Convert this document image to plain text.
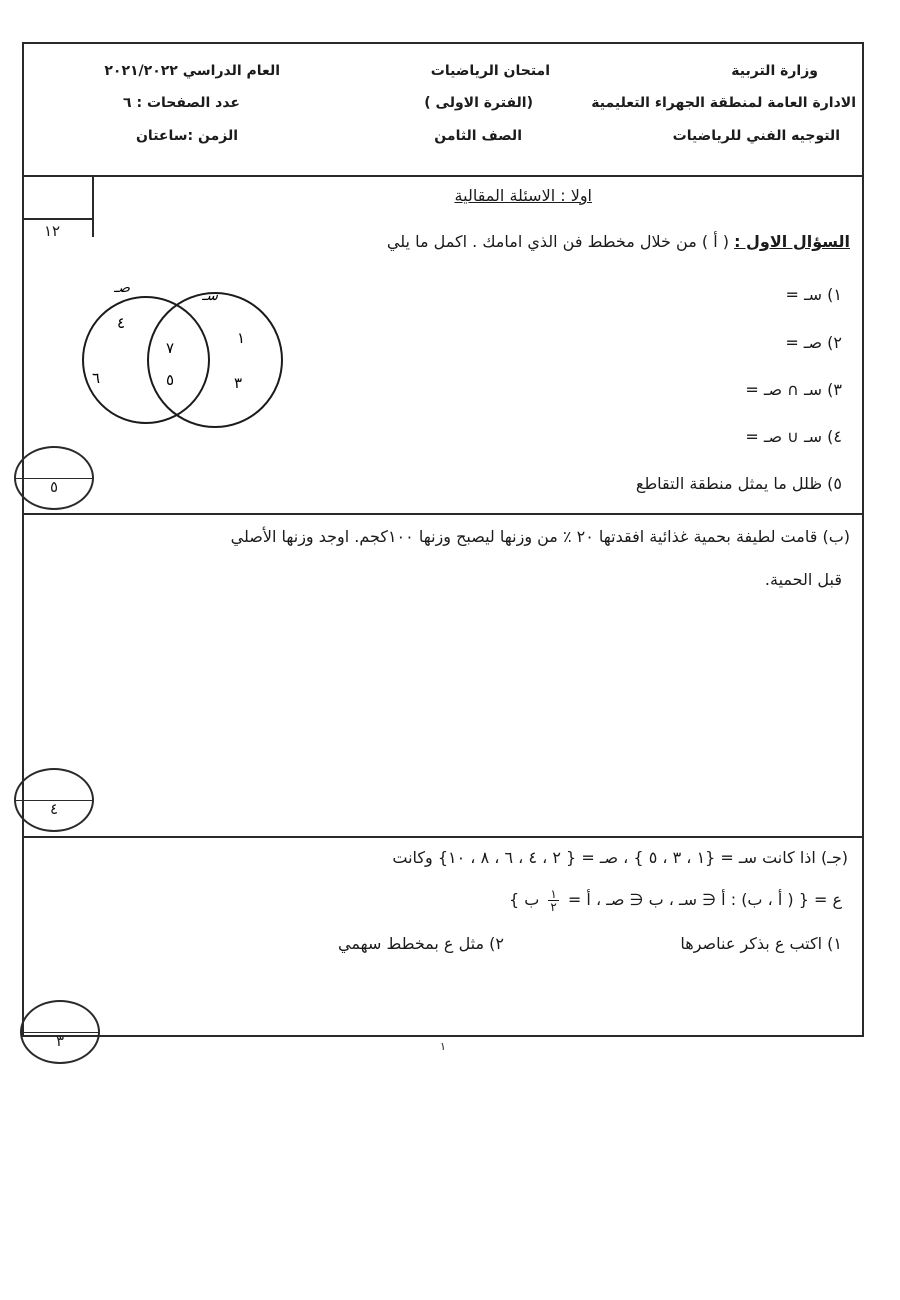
وزارة التربية
الادارة العامة لمنطقة الجهراء التعليمية
التوجيه الفني للرياضيات
امتحان الرياضيات
(الفترة الاولى )
الصف الثامن
العام الدراسي ٢٠٢١/٢٠٢٢
عدد الصفحات : ٦
الزمن :ساعتان
١٢
اولا : الاسئلة المقالية
السؤال الاول : ( أ ) من خلال مخطط فن الذي امامك . اكمل ما يلي
١) سـ =
٢) صـ =
٣) سـ ∩ صـ =
٤) سـ ∪ صـ =
٥) ظلل ما يمثل منطقة التقاطع
صـ	سـ
٤
٦
٧
٥
١
٣
٥
(ب) قامت لطيفة بحمية غذائية افقدتها ٢٠ ٪ من وزنها ليصبح وزنها ١٠٠كجم. اوجد وزنها الأصلي
قبل الحمية.
٤
(جـ) اذا كانت سـ = {١ ، ٣ ، ٥ } ، صـ = { ٢ ، ٤ ، ٦ ، ٨ ، ١٠} وكانت
ع = { ( أ ، ب) : أ ∈ سـ ، ب ∈ صـ ، أ =
$\frac{١}{٢}$
ب }
١) اكتب ع بذكر عناصرها
٢) مثل ع بمخطط سهمي
٣	١
